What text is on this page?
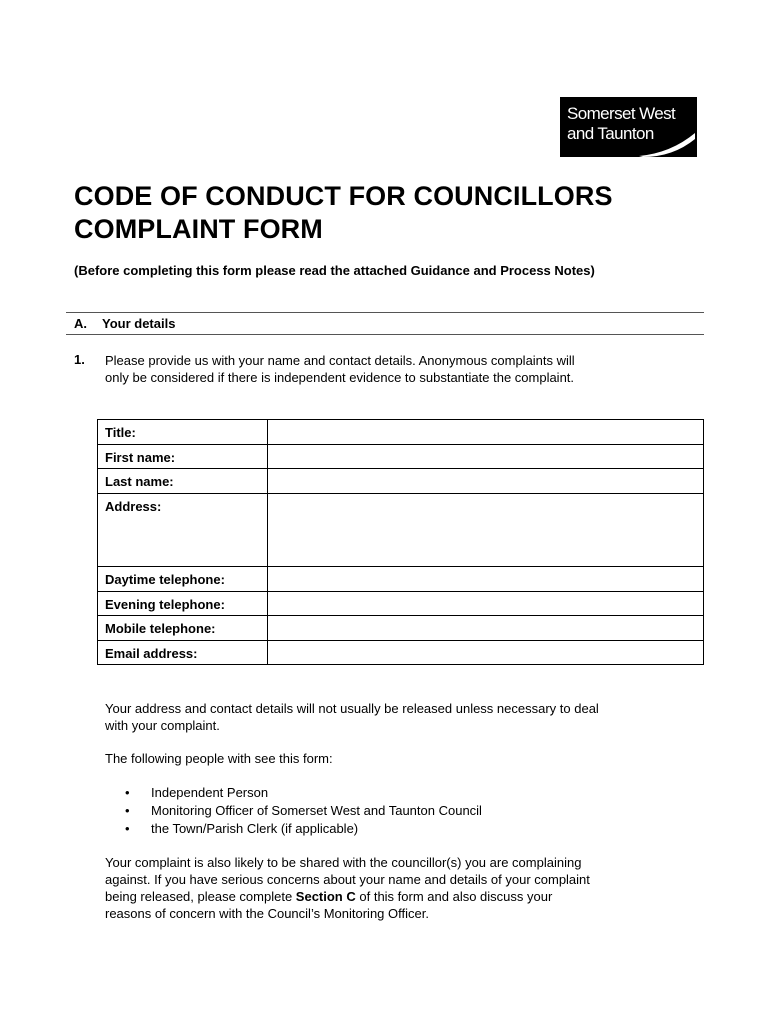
Somerset West
and Taunton
CODE OF CONDUCT FOR COUNCILLORS
COMPLAINT FORM
(Before completing this form please read the attached Guidance and Process Notes)
A. Your details
1. Please provide us with your name and contact details. Anonymous complaints will
only be considered if there is independent evidence to substantiate the complaint.
Title:	
First name:	
Last name:	
Address:	
Daytime telephone:	
Evening telephone:	
Mobile telephone:	
Email address:	
Your address and contact details will not usually be released unless necessary to deal
with your complaint.
The following people with see this form:
• Independent Person
• Monitoring Officer of Somerset West and Taunton Council
• the Town/Parish Clerk (if applicable)
Your complaint is also likely to be shared with the councillor(s) you are complaining
against. If you have serious concerns about your name and details of your complaint
being released, please complete Section C of this form and also discuss your
reasons of concern with the Council’s Monitoring Officer.
